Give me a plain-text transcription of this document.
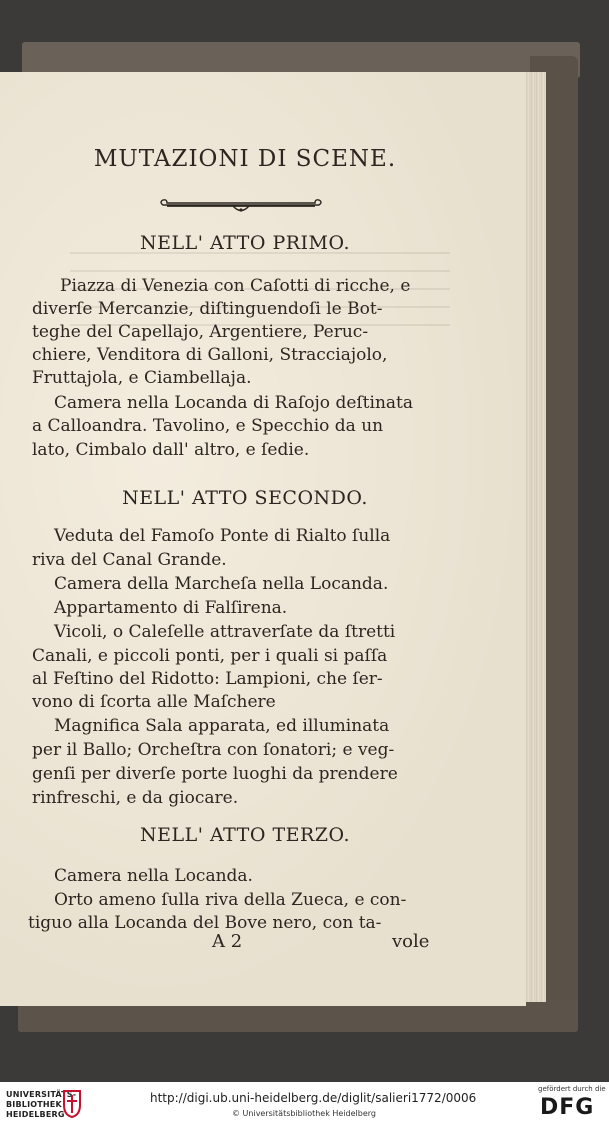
MUTAZIONI DI SCENE.
NELL' ATTO PRIMO.
Piazza di Venezia con Caſotti di ricche, e
diverſe Mercanzie, diſtinguendoſi le Bot-
teghe del Capellajo, Argentiere, Peruc-
chiere, Venditora di Galloni, Stracciajolo,
Fruttajola, e Ciambellaja.
Camera nella Locanda di Raſojo deſtinata
a Calloandra. Tavolino, e Specchio da un
lato, Cimbalo dall' altro, e ſedie.
NELL' ATTO SECONDO.
Veduta del Famoſo Ponte di Rialto ſulla
riva del Canal Grande.
Camera della Marcheſa nella Locanda.
Appartamento di Falſirena.
Vicoli, o Caleſelle attraverſate da ſtretti
Canali, e piccoli ponti, per i quali si paſſa
al Feſtino del Ridotto: Lampioni, che ſer-
vono di ſcorta alle Maſchere
Magnifica Sala apparata, ed illuminata
per il Ballo; Orcheſtra con ſonatori; e veg-
genſi per diverſe porte luoghi da prendere
rinfreschi, e da giocare.
NELL' ATTO TERZO.
Camera nella Locanda.
Orto ameno ſulla riva della Zueca, e con-
tiguo alla Locanda del Bove nero, con ta-
A 2	vole
UNIVERSITÄTS-
BIBLIOTHEK
HEIDELBERG
http://digi.ub.uni-heidelberg.de/diglit/salieri1772/0006
© Universitätsbibliothek Heidelberg
gefördert durch die
DFG
